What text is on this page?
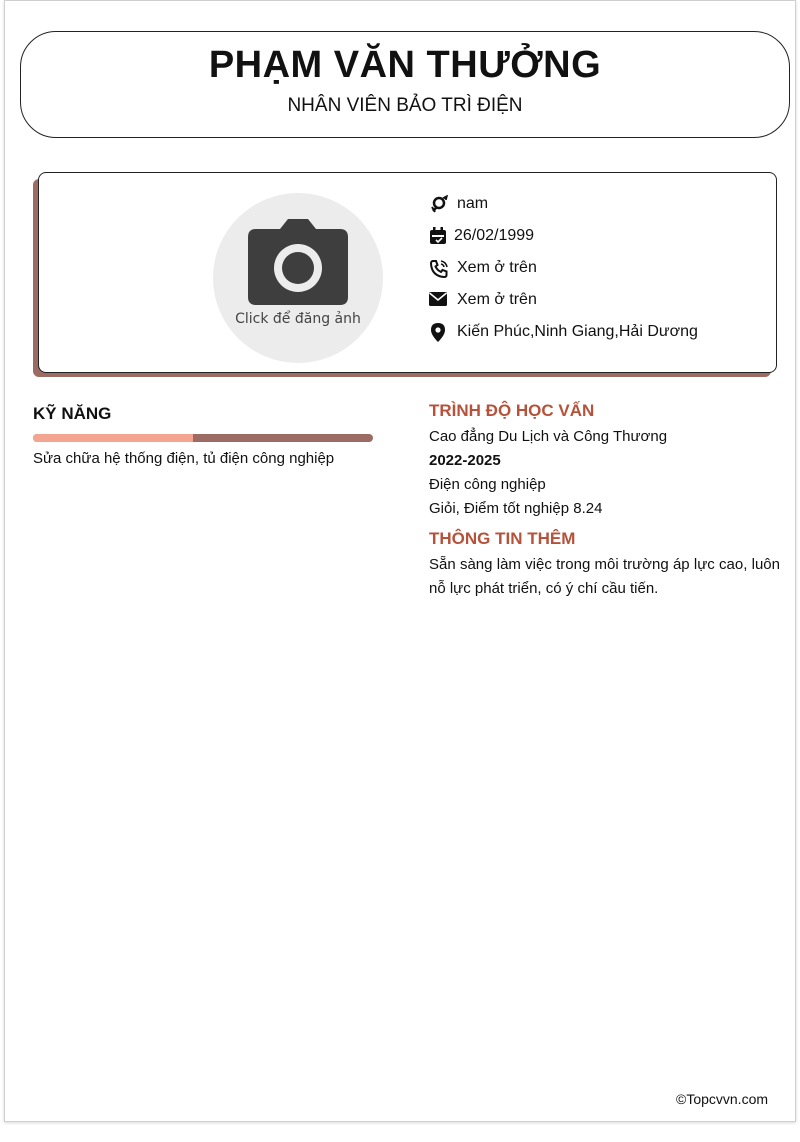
PHẠM VĂN THƯỞNG
NHÂN VIÊN BẢO TRÌ ĐIỆN
Click để đăng ảnh
nam
26/02/1999
Xem ở trên
Xem ở trên
Kiến Phúc,Ninh Giang,Hải Dương
KỸ NĂNG
Sửa chữa hệ thống điện, tủ điện công nghiệp
TRÌNH ĐỘ HỌC VẤN
Cao đẳng Du Lịch và Công Thương
2022-2025
Điện công nghiệp
Giỏi, Điểm tốt nghiệp 8.24
THÔNG TIN THÊM
Sẵn sàng làm việc trong môi trường áp lực cao, luôn nỗ lực phát triển, có ý chí cầu tiến.
©Topcvvn.com
